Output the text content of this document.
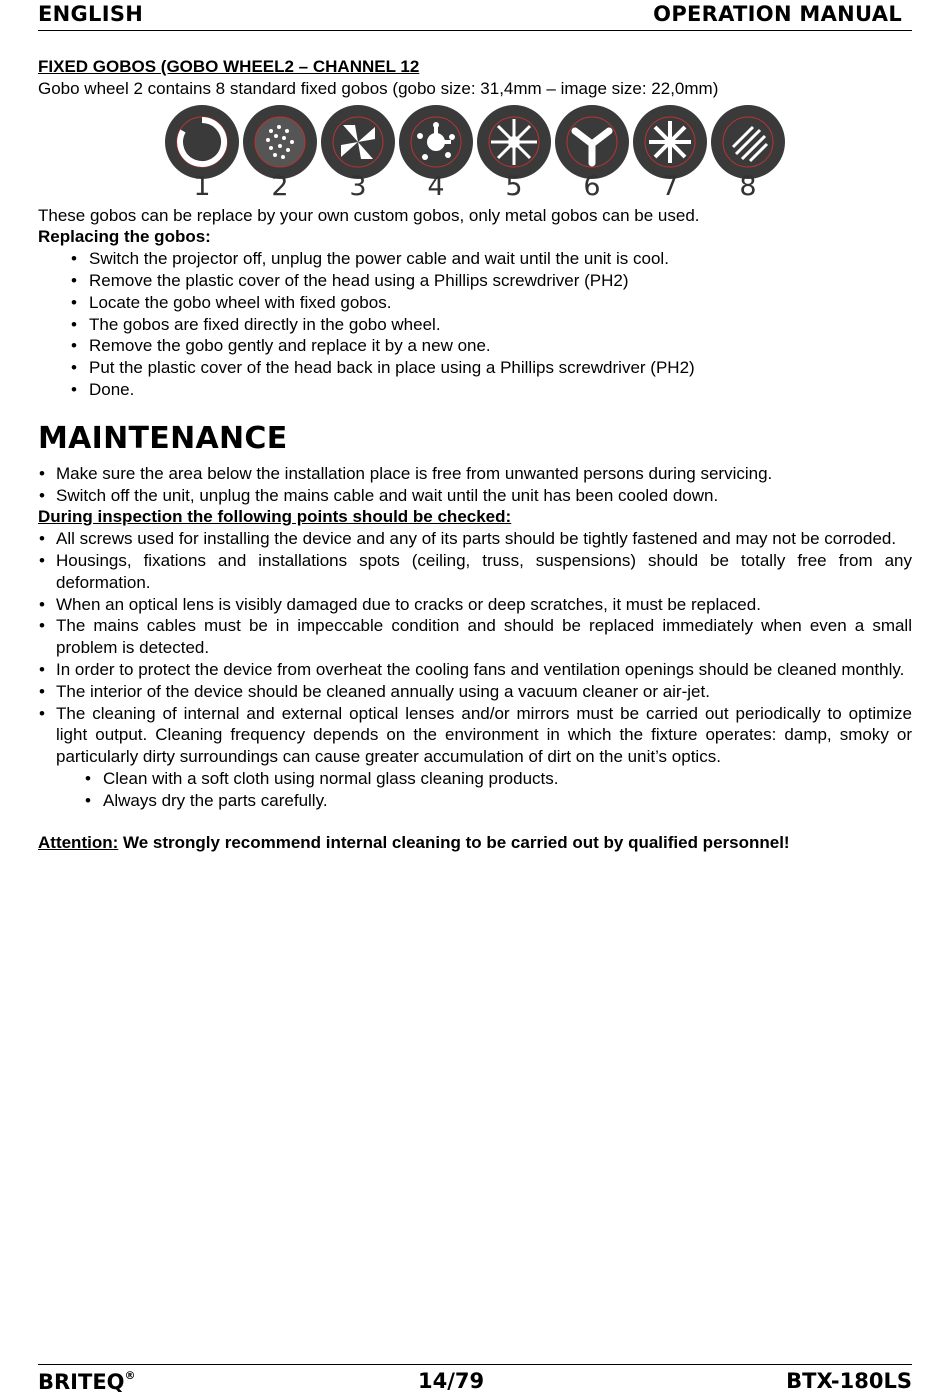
ENGLISH	OPERATION MANUAL
FIXED GOBOS (GOBO WHEEL2 – CHANNEL 12
Gobo wheel 2 contains 8 standard fixed gobos (gobo size: 31,4mm – image size: 22,0mm)
1	2	3	4	5	6	7	8
These gobos can be replace by your own custom gobos, only metal gobos can be used.
Replacing the gobos:
• Switch the projector off, unplug the power cable and wait until the unit is cool.
• Remove the plastic cover of the head using a Phillips screwdriver (PH2)
• Locate the gobo wheel with fixed gobos.
• The gobos are fixed directly in the gobo wheel.
• Remove the gobo gently and replace it by a new one.
• Put the plastic cover of the head back in place using a Phillips screwdriver (PH2)
• Done.
MAINTENANCE
• Make sure the area below the installation place is free from unwanted persons during servicing.
• Switch off the unit, unplug the mains cable and wait until the unit has been cooled down.
During inspection the following points should be checked:
• All screws used for installing the device and any of its parts should be tightly fastened and may not be corroded.
• Housings, fixations and installations spots (ceiling, truss, suspensions) should be totally free from any deformation.
• When an optical lens is visibly damaged due to cracks or deep scratches, it must be replaced.
• The mains cables must be in impeccable condition and should be replaced immediately when even a small problem is detected.
• In order to protect the device from overheat the cooling fans and ventilation openings should be cleaned monthly.
• The interior of the device should be cleaned annually using a vacuum cleaner or air-jet.
• The cleaning of internal and external optical lenses and/or mirrors must be carried out periodically to optimize light output. Cleaning frequency depends on the environment in which the fixture operates: damp, smoky or particularly dirty surroundings can cause greater accumulation of dirt on the unit’s optics.
• Clean with a soft cloth using normal glass cleaning products.
• Always dry the parts carefully.
Attention: We strongly recommend internal cleaning to be carried out by qualified personnel!
BRITEQ®	14/79	BTX-180LS
